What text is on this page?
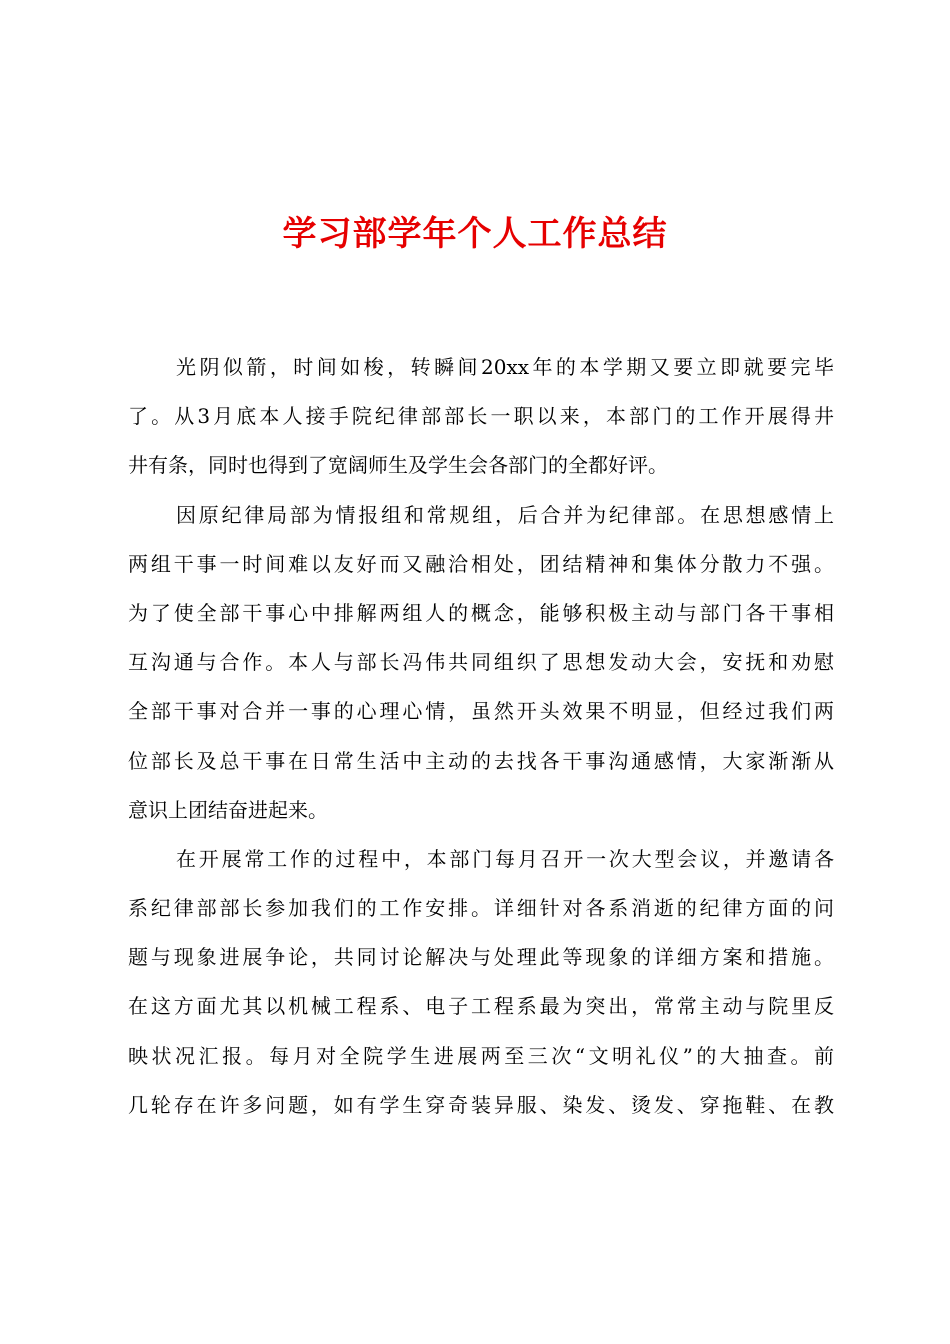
学习部学年个人工作总结
光阴似箭，时间如梭，转瞬间20xx年的本学期又要立即就要完毕
了。从3月底本人接手院纪律部部长一职以来，本部门的工作开展得井
井有条，同时也得到了宽阔师生及学生会各部门的全都好评。
因原纪律局部为情报组和常规组，后合并为纪律部。在思想感情上
两组干事一时间难以友好而又融洽相处，团结精神和集体分散力不强。
为了使全部干事心中排解两组人的概念，能够积极主动与部门各干事相
互沟通与合作。本人与部长冯伟共同组织了思想发动大会，安抚和劝慰
全部干事对合并一事的心理心情，虽然开头效果不明显，但经过我们两
位部长及总干事在日常生活中主动的去找各干事沟通感情，大家渐渐从
意识上团结奋进起来。
在开展常工作的过程中，本部门每月召开一次大型会议，并邀请各
系纪律部部长参加我们的工作安排。详细针对各系消逝的纪律方面的问
题与现象进展争论，共同讨论解决与处理此等现象的详细方案和措施。
在这方面尤其以机械工程系、电子工程系最为突出，常常主动与院里反
映状况汇报。每月对全院学生进展两至三次“文明礼仪”的大抽查。前
几轮存在许多问题，如有学生穿奇装异服、染发、烫发、穿拖鞋、在教
